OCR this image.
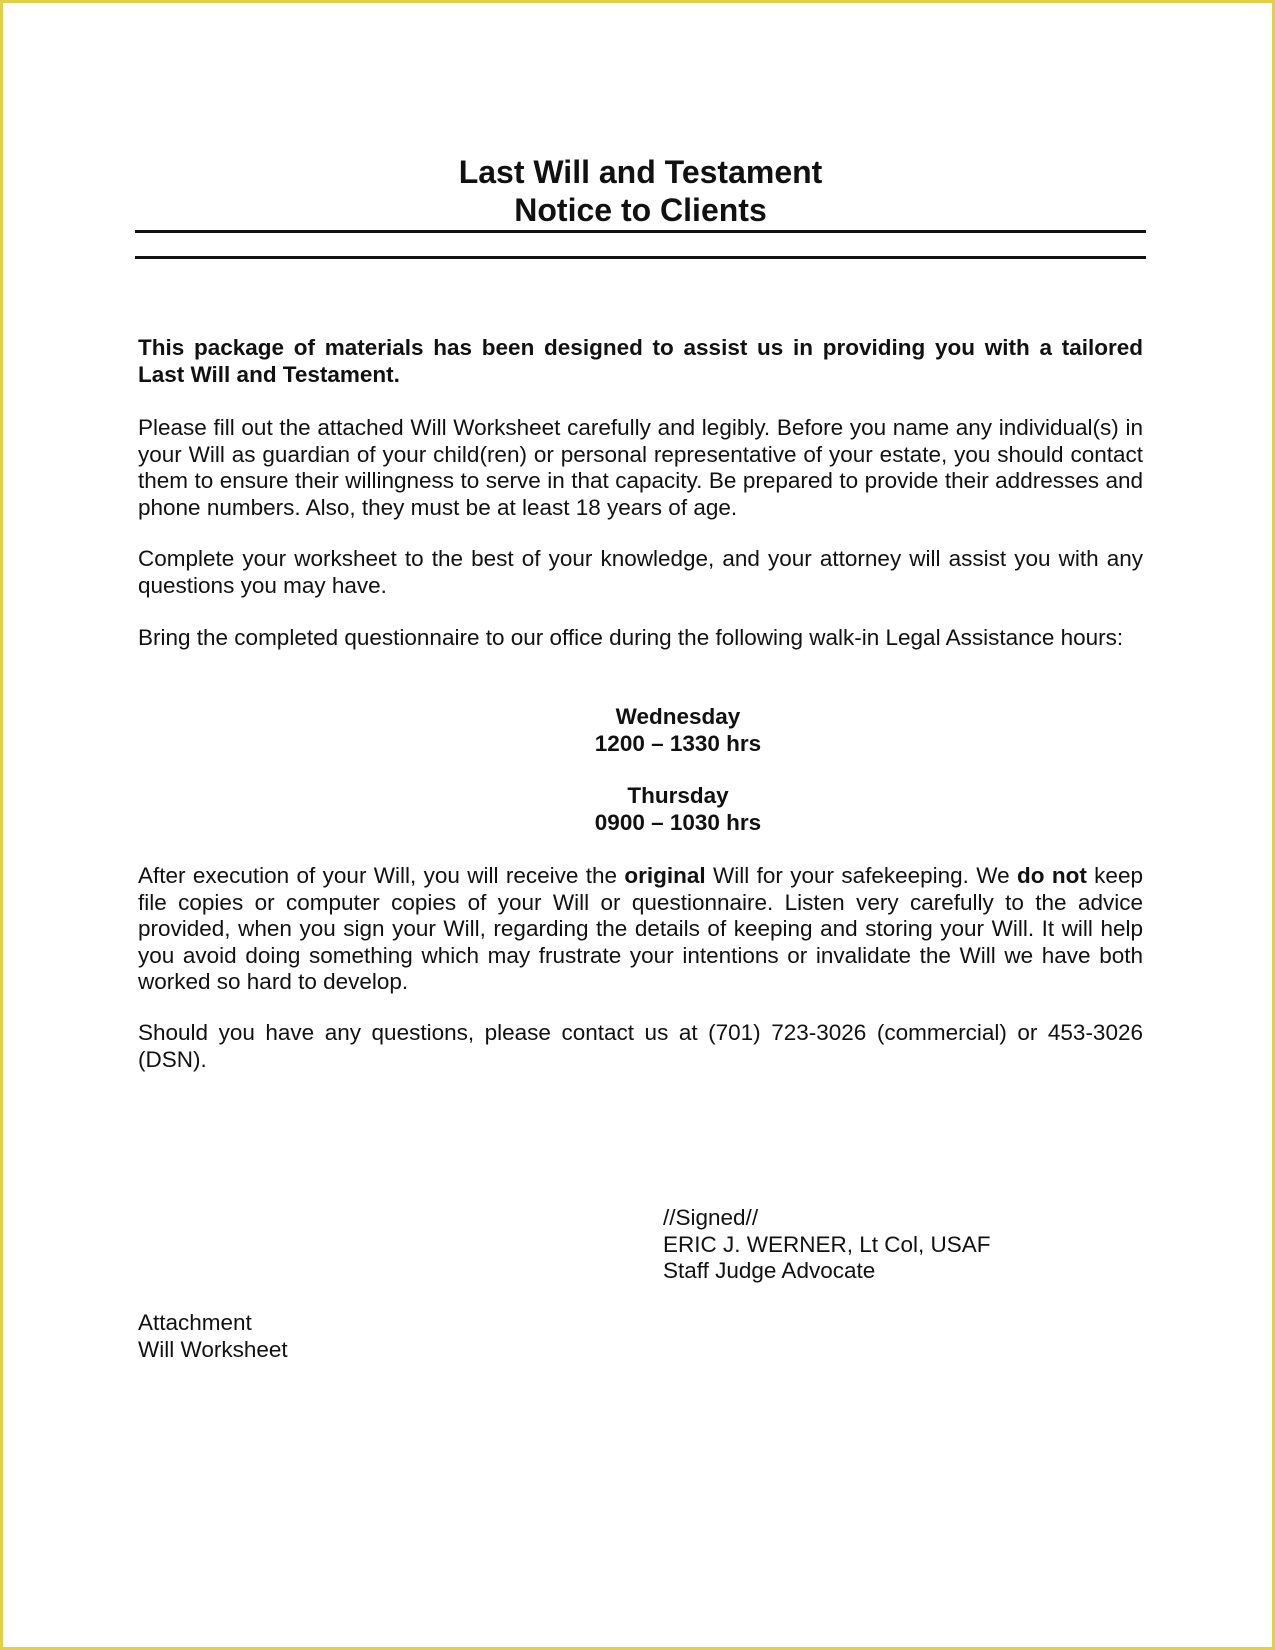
Last Will and Testament
Notice to Clients

This package of materials has been designed to assist us in providing you with a tailored Last Will and Testament.

Please fill out the attached Will Worksheet carefully and legibly. Before you name any individual(s) in your Will as guardian of your child(ren) or personal representative of your estate, you should contact them to ensure their willingness to serve in that capacity. Be prepared to provide their addresses and phone numbers. Also, they must be at least 18 years of age.

Complete your worksheet to the best of your knowledge, and your attorney will assist you with any questions you may have.

Bring the completed questionnaire to our office during the following walk-in Legal Assistance hours:

Wednesday
1200 – 1330 hrs
Thursday
0900 – 1030 hrs

After execution of your Will, you will receive the original Will for your safekeeping. We do not keep file copies or computer copies of your Will or questionnaire. Listen very carefully to the advice provided, when you sign your Will, regarding the details of keeping and storing your Will. It will help you avoid doing something which may frustrate your intentions or invalidate the Will we have both worked so hard to develop.

Should you have any questions, please contact us at (701) 723-3026 (commercial) or 453-3026 (DSN).

//Signed//
ERIC J. WERNER, Lt Col, USAF
Staff Judge Advocate
Attachment
Will Worksheet
